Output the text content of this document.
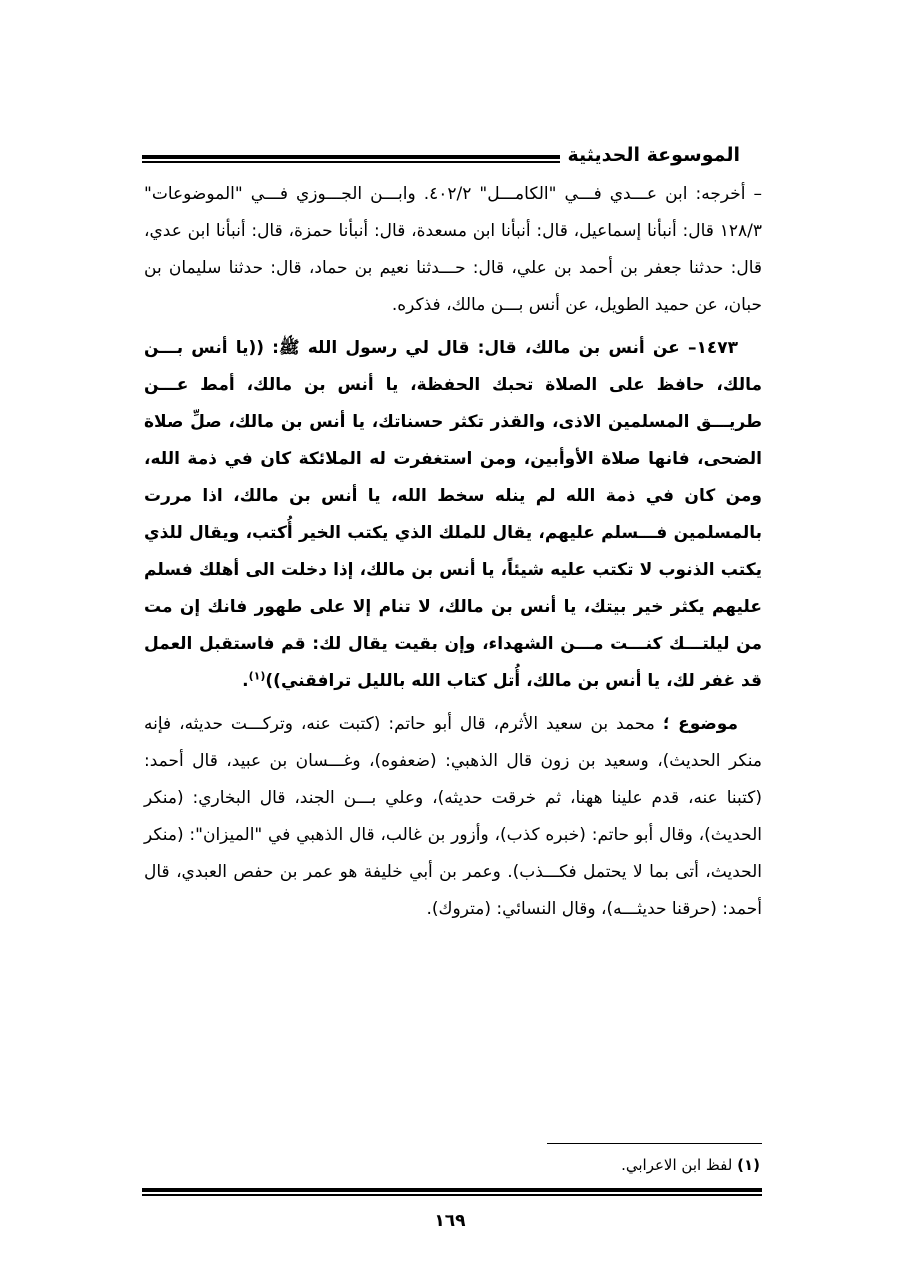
الموسوعة الحديثية

– أخرجه: ابن عـــدي فـــي "الكامـــل" ٤٠٢/٢. وابـــن الجـــوزي فـــي "الموضوعات" ١٢٨/٣ قال: أنبأنا إسماعيل، قال: أنبأنا ابن مسعدة، قال: أنبأنا حمزة، قال: أنبأنا ابن عدي، قال: حدثنا جعفر بن أحمد بن علي، قال: حـــدثنا نعيم بن حماد، قال: حدثنا سليمان بن حبان، عن حميد الطويل، عن أنس بـــن مالك، فذكره.

١٤٧٣– عن أنس بن مالك، قال: قال لي رسول الله ﷺ: ((يا أنس بـــن مالك، حافظ على الصلاة تحبك الحفظة، يا أنس بن مالك، أمط عـــن طريـــق المسلمين الاذى، والقذر تكثر حسناتك، يا أنس بن مالك، صلِّ صلاة الضحى، فانها صلاة الأوأبين، ومن استغفرت له الملائكة كان في ذمة الله، ومن كان في ذمة الله لم ينله سخط الله، يا أنس بن مالك، اذا مررت بالمسلمين فـــسلم عليهم، يقال للملك الذي يكتب الخير أُكتب، ويقال للذي يكتب الذنوب لا تكتب عليه شيئاً، يا أنس بن مالك، إذا دخلت الى أهلك فسلم عليهم يكثر خير بيتك، يا أنس بن مالك، لا تنام إلا على طهور فانك إن مت من ليلتـــك كنـــت مـــن الشهداء، وإن بقيت يقال لك: قم فاستقبل العمل قد غفر لك، يا أنس بن مالك، أُتل كتاب الله بالليل ترافقني))$^{(١)}$.

موضوع ؛ محمد بن سعيد الأثرم، قال أبو حاتم: (كتبت عنه، وتركـــت حديثه، فإنه منكر الحديث)، وسعيد بن زون قال الذهبي: (ضعفوه)، وغـــسان بن عبيد، قال أحمد: (كتبنا عنه، قدم علينا ههنا، ثم خرقت حديثه)، وعلي بـــن الجند، قال البخاري: (منكر الحديث)، وقال أبو حاتم: (خبره كذب)، وأزور بن غالب، قال الذهبي في "الميزان": (منكر الحديث، أتى بما لا يحتمل فكـــذب). وعمر بن أبي خليفة هو عمر بن حفص العبدي، قال أحمد: (حرقنا حديثـــه)، وقال النسائي: (متروك).

(١) لفظ ابن الاعرابي.
١٦٩
